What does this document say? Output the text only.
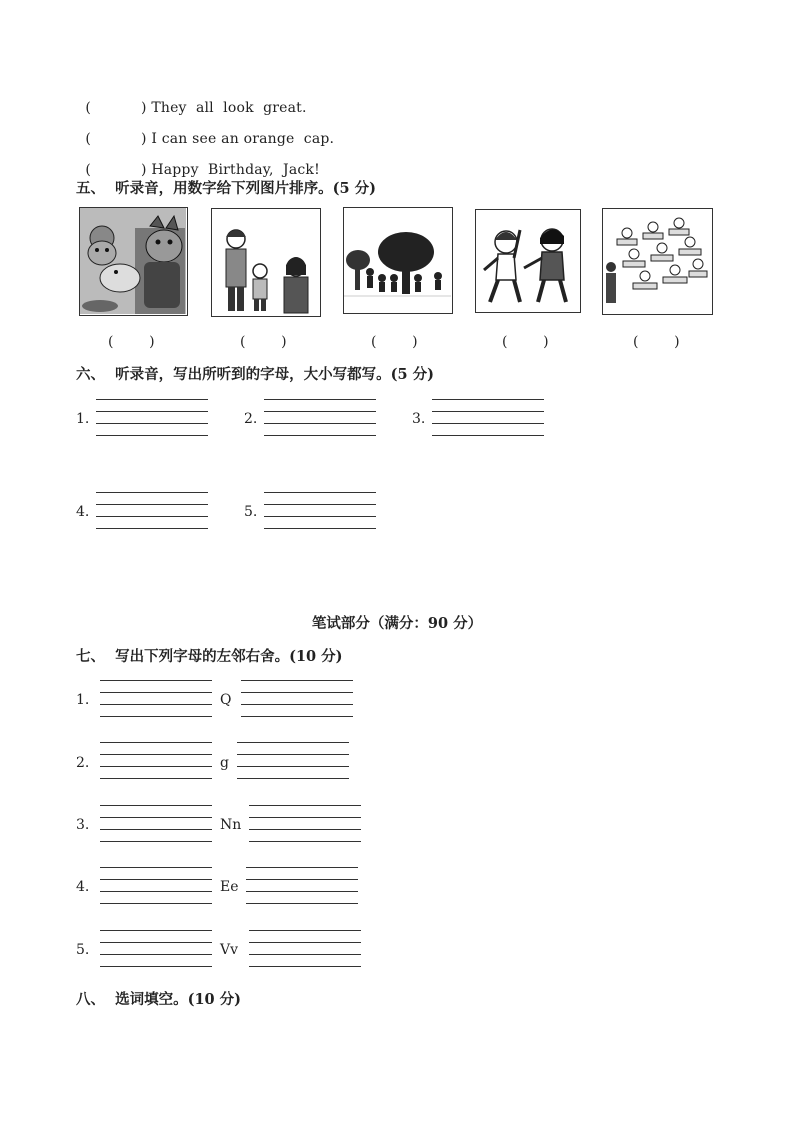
(	) They  all  look  great.

(	) I can see an orange  cap.

(	) Happy  Birthday,  Jack!

五、  听录音，用数字给下列图片排序。(5 分)
(        )	(        )	(        )	(        )	(        )
六、  听录音，写出所听到的字母，大小写都写。(5 分)
1.	2.	3.
4.	5.
笔试部分（满分：90 分）
七、  写出下列字母的左邻右舍。(10 分)
1.	Q
2.	g
3.	Nn
4.	Ee
5.	Vv
八、  选词填空。(10 分)
